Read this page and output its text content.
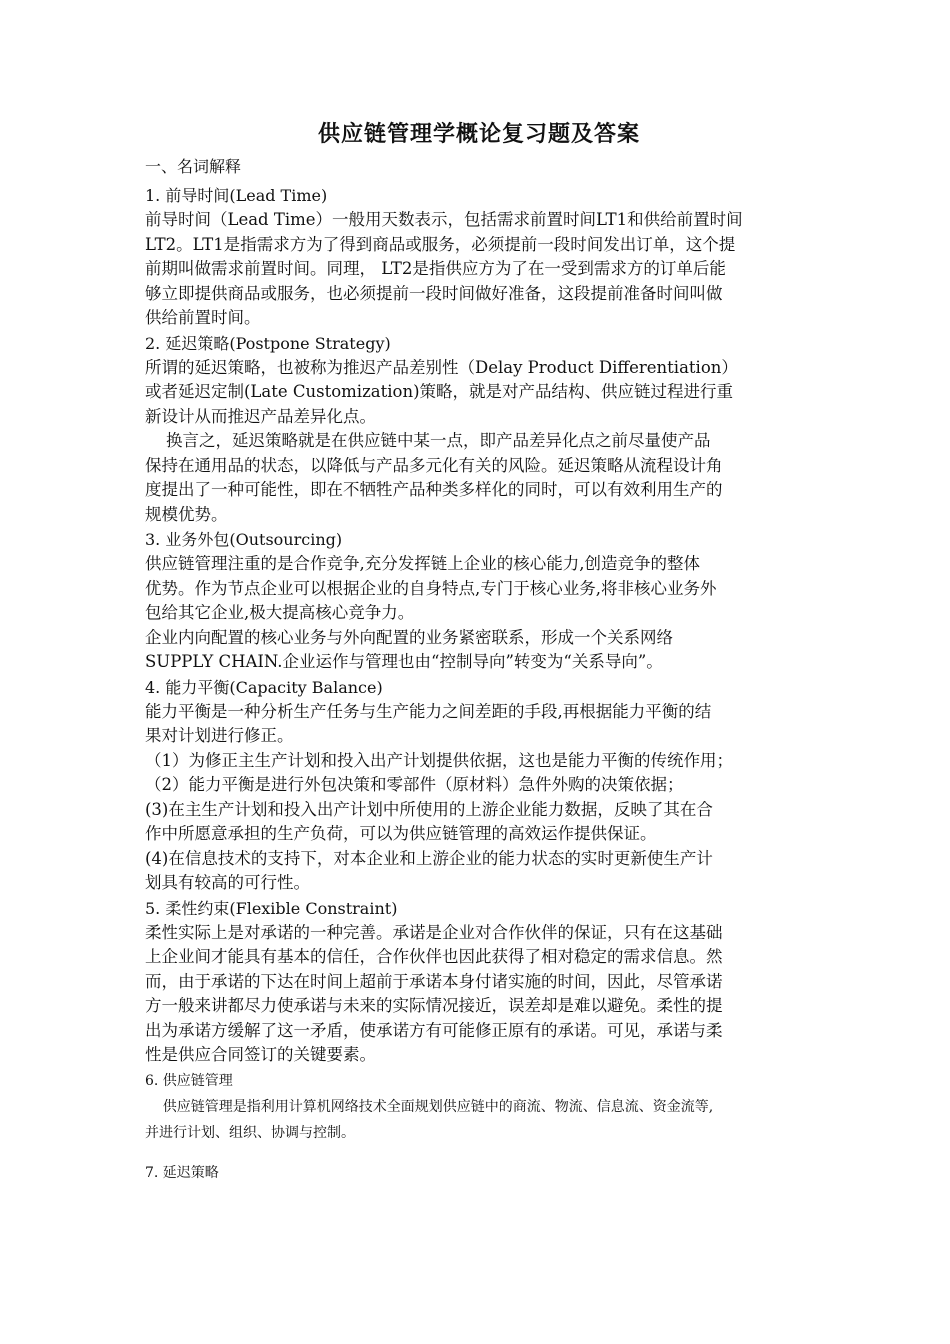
供应链管理学概论复习题及答案
一、名词解释
1. 前导时间(Lead Time)
前导时间（Lead Time）一般用天数表示，包括需求前置时间LT1和供给前置时间
LT2。LT1是指需求方为了得到商品或服务，必须提前一段时间发出订单，这个提
前期叫做需求前置时间。同理， LT2是指供应方为了在一受到需求方的订单后能
够立即提供商品或服务，也必须提前一段时间做好准备，这段提前准备时间叫做
供给前置时间。
2. 延迟策略(Postpone Strategy)
所谓的延迟策略，也被称为推迟产品差别性（Delay Product Differentiation）
或者延迟定制(Late Customization)策略，就是对产品结构、供应链过程进行重
新设计从而推迟产品差异化点。
换言之，延迟策略就是在供应链中某一点，即产品差异化点之前尽量使产品
保持在通用品的状态，以降低与产品多元化有关的风险。延迟策略从流程设计角
度提出了一种可能性，即在不牺牲产品种类多样化的同时，可以有效利用生产的
规模优势。
3. 业务外包(Outsourcing)
供应链管理注重的是合作竞争,充分发挥链上企业的核心能力,创造竞争的整体
优势。作为节点企业可以根据企业的自身特点,专门于核心业务,将非核心业务外
包给其它企业,极大提高核心竞争力。
企业内向配置的核心业务与外向配置的业务紧密联系，形成一个关系网络
SUPPLY CHAIN.企业运作与管理也由“控制导向”转变为“关系导向”。
4. 能力平衡(Capacity Balance)
能力平衡是一种分析生产任务与生产能力之间差距的手段,再根据能力平衡的结
果对计划进行修正。
（1）为修正主生产计划和投入出产计划提供依据，这也是能力平衡的传统作用；
（2）能力平衡是进行外包决策和零部件（原材料）急件外购的决策依据；
(3)在主生产计划和投入出产计划中所使用的上游企业能力数据，反映了其在合
作中所愿意承担的生产负荷，可以为供应链管理的高效运作提供保证。
(4)在信息技术的支持下，对本企业和上游企业的能力状态的实时更新使生产计
划具有较高的可行性。
5. 柔性约束(Flexible Constraint)
柔性实际上是对承诺的一种完善。承诺是企业对合作伙伴的保证，只有在这基础
上企业间才能具有基本的信任，合作伙伴也因此获得了相对稳定的需求信息。然
而，由于承诺的下达在时间上超前于承诺本身付诸实施的时间，因此，尽管承诺
方一般来讲都尽力使承诺与未来的实际情况接近，误差却是难以避免。柔性的提
出为承诺方缓解了这一矛盾，使承诺方有可能修正原有的承诺。可见，承诺与柔
性是供应合同签订的关键要素。
6. 供应链管理
供应链管理是指利用计算机网络技术全面规划供应链中的商流、物流、信息流、资金流等,
并进行计划、组织、协调与控制。
7. 延迟策略
